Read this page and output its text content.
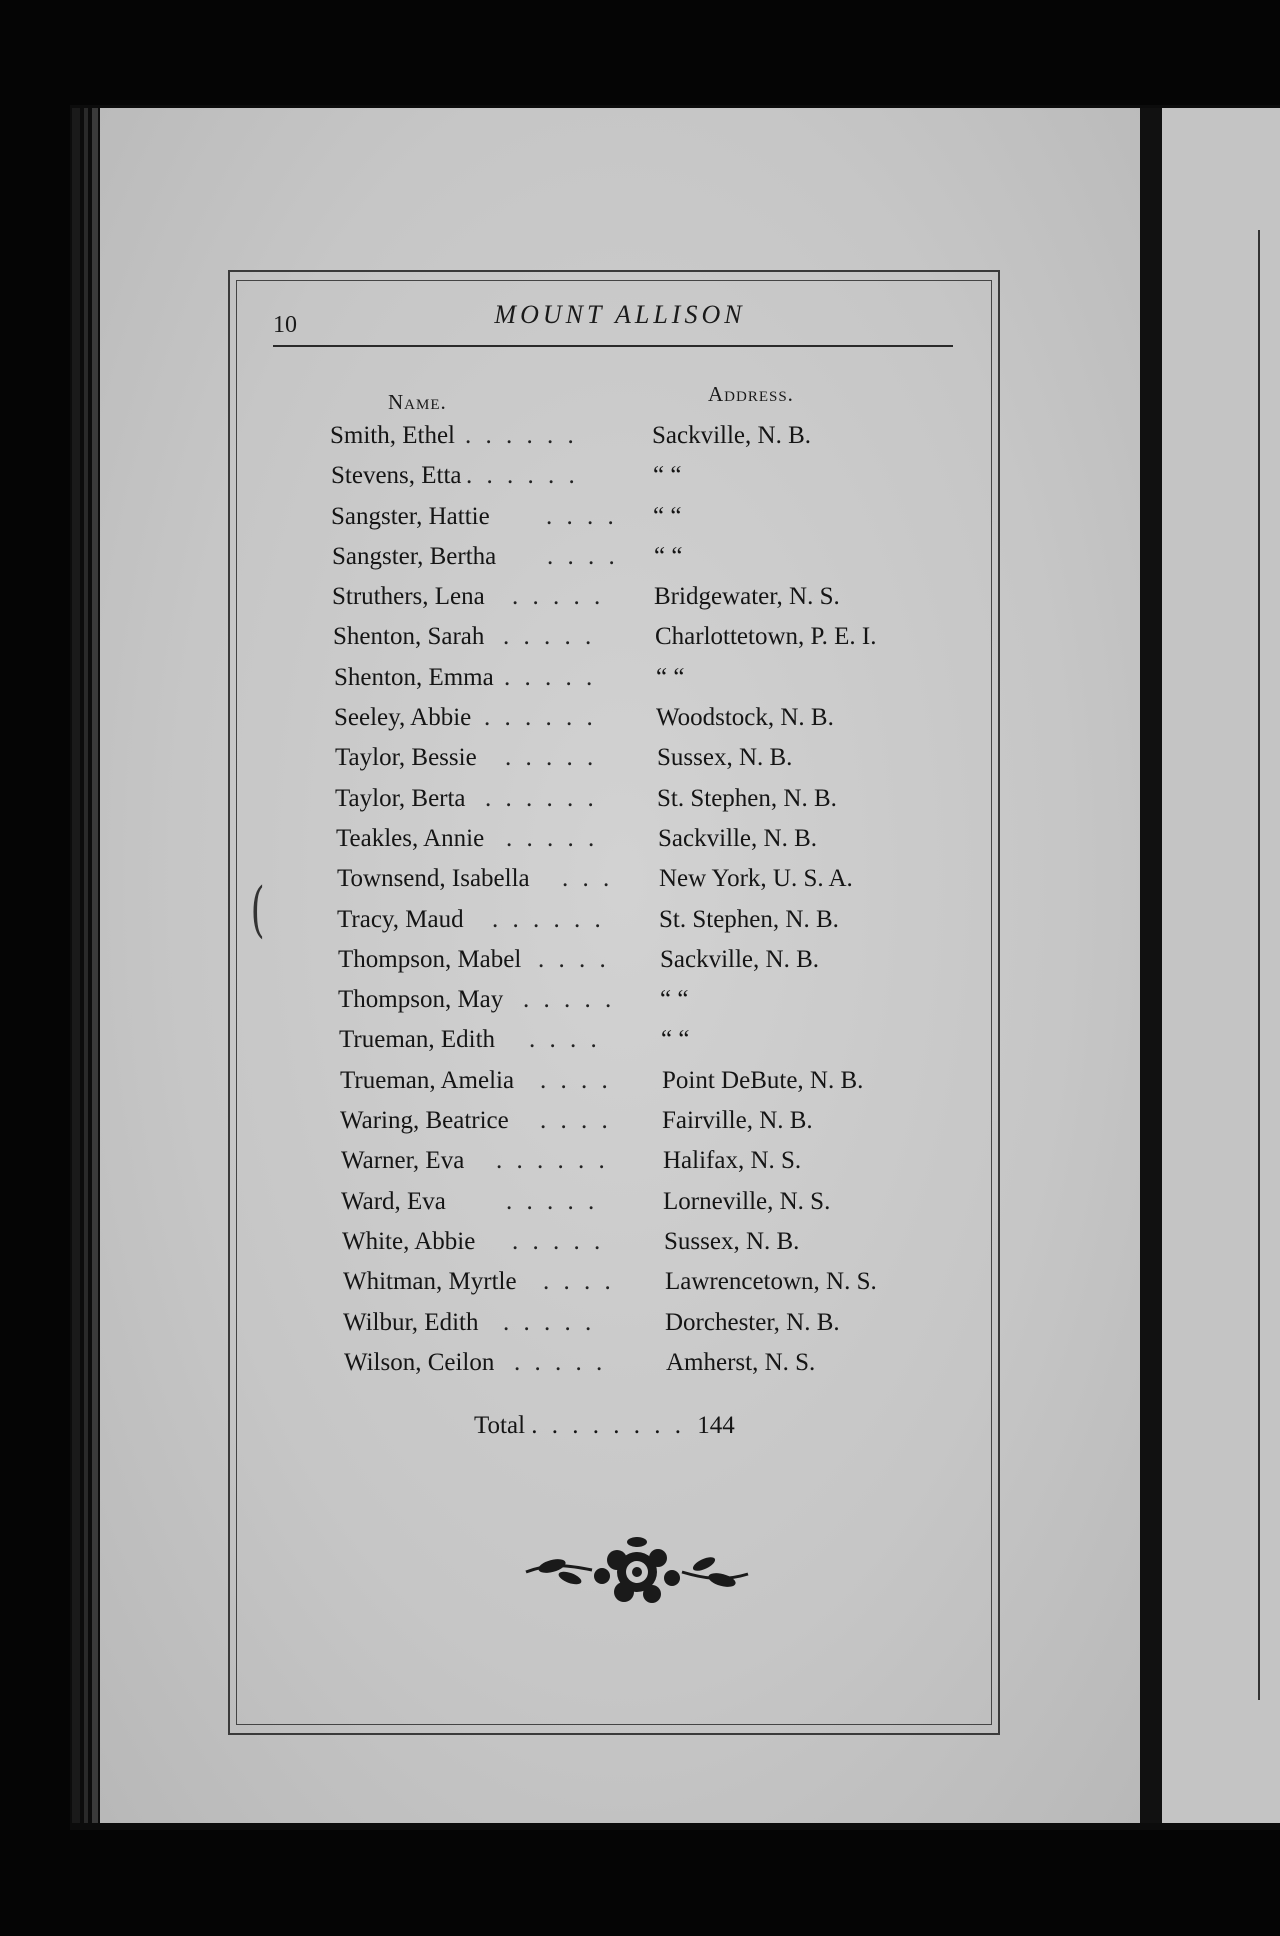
10	MOUNT ALLISON
Name.	Address.
(
Smith, Ethel . . . . . .	Sackville, N. B.
Stevens, Etta . . . . . .	“ “
Sangster, Hattie . . . . “ “
Sangster, Bertha . . . . “ “
Struthers, Lena . . . . . Bridgewater, N. S.
Shenton, Sarah . . . . . Charlottetown, P. E. I.
Shenton, Emma . . . . . “ “
Seeley, Abbie . . . . . . Woodstock, N. B.
Taylor, Bessie . . . . . Sussex, N. B.
Taylor, Berta . . . . . . St. Stephen, N. B.
Teakles, Annie . . . . . Sackville, N. B.
Townsend, Isabella . . . New York, U. S. A.
Tracy, Maud . . . . . . St. Stephen, N. B.
Thompson, Mabel . . . . Sackville, N. B.
Thompson, May . . . . . “ “
Trueman, Edith . . . . “ “
Trueman, Amelia . . . . Point DeBute, N. B.
Waring, Beatrice . . . . Fairville, N. B.
Warner, Eva . . . . . . Halifax, N. S.
Ward, Eva . . . . .	Lorneville, N. S.
White, Abbie . . . . . Sussex, N. B.
Whitman, Myrtle . . . . Lawrencetown, N. S.
Wilbur, Edith . . . . .	Dorchester, N. B.
Wilson, Ceilon . . . . . Amherst, N. S.
Total . . . . . . . . 144
